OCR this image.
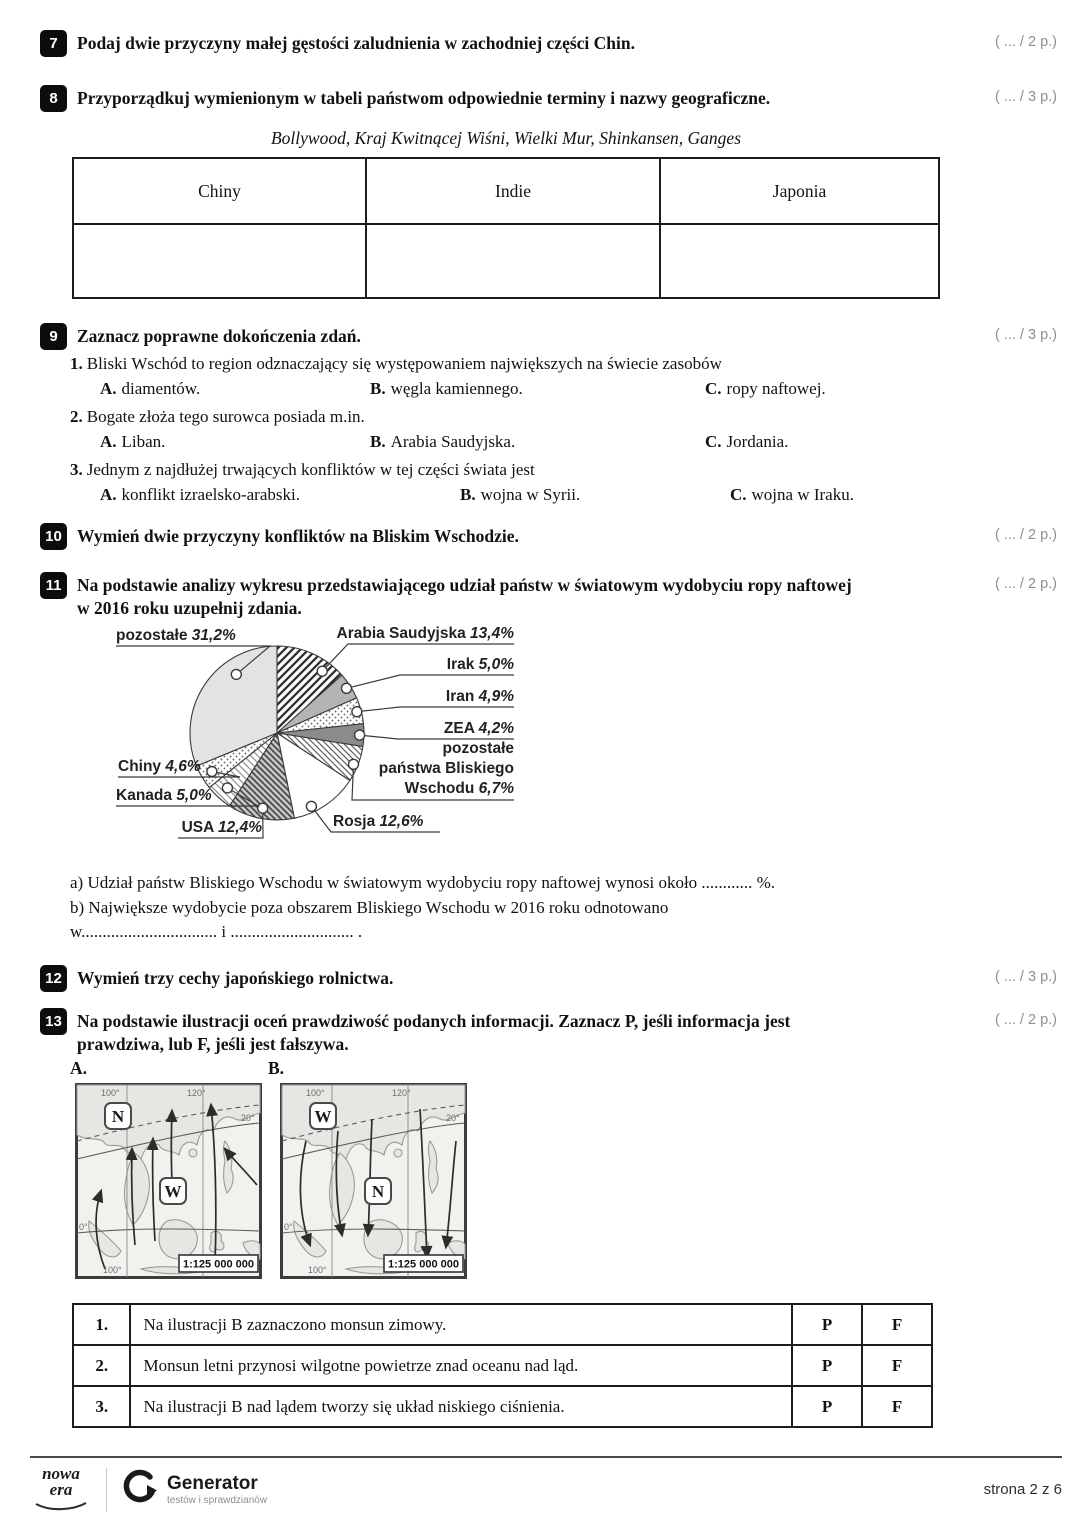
7 Podaj dwie przyczyny małej gęstości zaludnienia w zachodniej części Chin.	( ... / 2 p.)
8 Przyporządkuj wymienionym w tabeli państwom odpowiednie terminy i nazwy geograficzne.	( ... / 3 p.)
Bollywood, Kraj Kwitnącej Wiśni, Wielki Mur, Shinkansen, Ganges
Chiny	Indie	Japonia

9 Zaznacz poprawne dokończenia zdań.	( ... / 3 p.)
1. Bliski Wschód to region odznaczający się występowaniem największych na świecie zasobów
A. diamentów.	B. węgla kamiennego.	C. ropy naftowej.
2. Bogate złoża tego surowca posiada m.in.
A. Liban.	B. Arabia Saudyjska.	C. Jordania.
3. Jednym z najdłużej trwających konfliktów w tej części świata jest
A. konflikt izraelsko-arabski.	B. wojna w Syrii.	C. wojna w Iraku.
10 Wymień dwie przyczyny konfliktów na Bliskim Wschodzie.	( ... / 2 p.)
11 Na podstawie analizy wykresu przedstawiającego udział państw w światowym wydobyciu ropy naftowej w 2016 roku uzupełnij zdania.
( ... / 2 p.)
Arabia Saudyjska 13,4%
Irak 5,0%
Iran 4,9%
ZEA 4,2%
pozostałe państwa Bliskiego Wschodu 6,7%
Rosja 12,6%
USA 12,4%
Kanada 5,0%
Chiny 4,6%
pozostałe 31,2%
a) Udział państw Bliskiego Wschodu w światowym wydobyciu ropy naftowej wynosi około ............ %.
b) Największe wydobycie poza obszarem Bliskiego Wschodu w 2016 roku odnotowano
w................................ i ............................. .
12 Wymień trzy cechy japońskiego rolnictwa.	( ... / 3 p.)
13 Na podstawie ilustracji oceń prawdziwość podanych informacji. Zaznacz P, jeśli informacja jest prawdziwa, lub F, jeśli jest fałszywa.
( ... / 2 p.)
A.	B.
N
W
1:125 000 000
100°	120°
20°
0°
100°
W
N
1:125 000 000
100°	120°
20°
0°
100°
1.	Na ilustracji B zaznaczono monsun zimowy.	P	F
2.	Monsun letni przynosi wilgotne powietrze znad oceanu nad ląd.	P	F
3.	Na ilustracji B nad lądem tworzy się układ niskiego ciśnienia.	P	F
nowa
era	Generator
testów i sprawdzianów
strona 2 z 6
